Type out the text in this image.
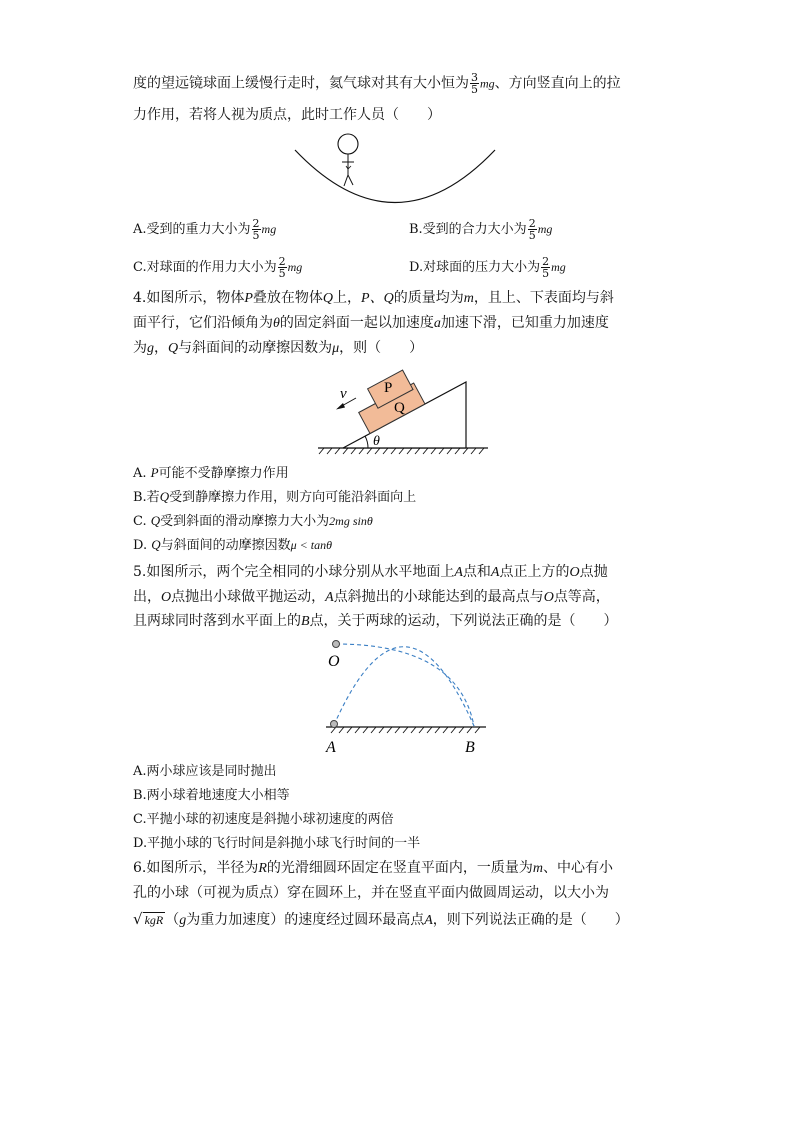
度的望远镜球面上缓慢行走时，氦气球对其有大小恒为 $\frac{3}{5}$ mg、方向竖直向上的拉
力作用，若将人视为质点，此时工作人员（　　）
A.受到的重力大小为 $\frac{2}{5}$ mg	B.受到的合力大小为 $\frac{2}{5}$ mg
C.对球面的作用力大小为 $\frac{2}{5}$ mg	D.对球面的压力大小为 $\frac{2}{5}$ mg
4.如图所示，物体P叠放在物体Q上，P、Q的质量均为m，且上、下表面均与斜
面平行，它们沿倾角为θ的固定斜面一起以加速度a加速下滑，已知重力加速度
为g，Q与斜面间的动摩擦因数为μ，则（　　）
v
Q
P
θ
A. P可能不受静摩擦力作用
B.若Q受到静摩擦力作用，则方向可能沿斜面向上
C. Q受到斜面的滑动摩擦力大小为2mg sinθ
D. Q与斜面间的动摩擦因数μ < tanθ
5.如图所示，两个完全相同的小球分别从水平地面上A点和A点正上方的O点抛
出，O点抛出小球做平抛运动，A点斜抛出的小球能达到的最高点与O点等高，
且两球同时落到水平面上的B点，关于两球的运动，下列说法正确的是（　　）
O
A	B
A.两小球应该是同时抛出
B.两小球着地速度大小相等
C.平抛小球的初速度是斜抛小球初速度的两倍
D.平抛小球的飞行时间是斜抛小球飞行时间的一半
6.如图所示，半径为R的光滑细圆环固定在竖直平面内，一质量为m、中心有小
孔的小球（可视为质点）穿在圆环上，并在竖直平面内做圆周运动，以大小为
√ kgR （g为重力加速度）的速度经过圆环最高点A，则下列说法正确的是（　　）
